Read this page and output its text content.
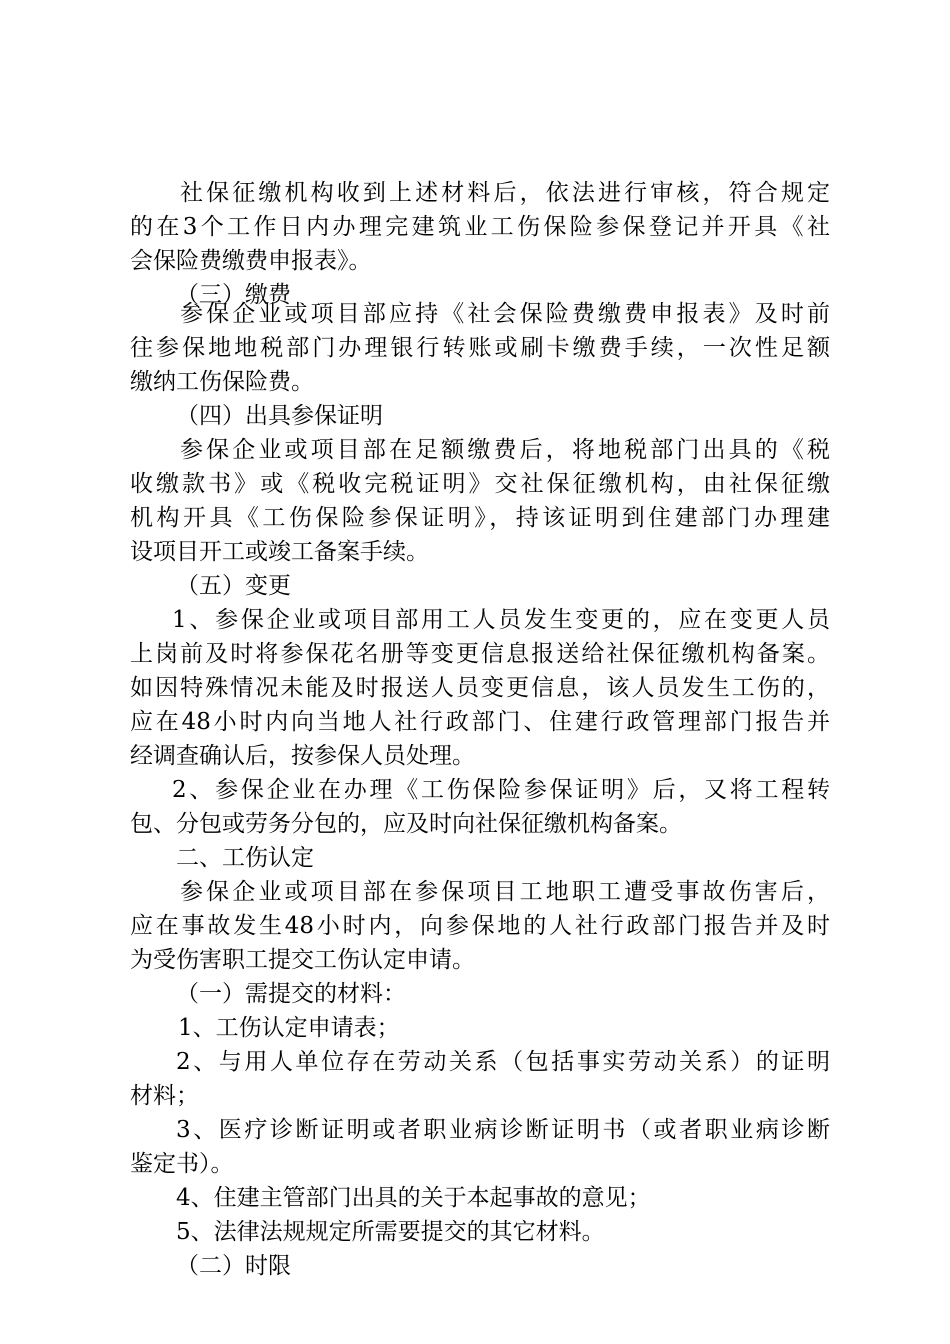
社保征缴机构收到上述材料后，依法进行审核，符合规定

的在3个工作日内办理完建筑业工伤保险参保登记并开具《社

会保险费缴费申报表》。

（三）缴费

参保企业或项目部应持《社会保险费缴费申报表》及时前

往参保地地税部门办理银行转账或刷卡缴费手续，一次性足额

缴纳工伤保险费。

（四）出具参保证明

参保企业或项目部在足额缴费后，将地税部门出具的《税

收缴款书》或《税收完税证明》交社保征缴机构，由社保征缴

机构开具《工伤保险参保证明》，持该证明到住建部门办理建

设项目开工或竣工备案手续。

（五）变更

1、参保企业或项目部用工人员发生变更的，应在变更人员

上岗前及时将参保花名册等变更信息报送给社保征缴机构备案。

如因特殊情况未能及时报送人员变更信息，该人员发生工伤的，

应在48小时内向当地人社行政部门、住建行政管理部门报告并

经调查确认后，按参保人员处理。

2、参保企业在办理《工伤保险参保证明》后，又将工程转

包、分包或劳务分包的，应及时向社保征缴机构备案。

二、工伤认定

参保企业或项目部在参保项目工地职工遭受事故伤害后，

应在事故发生48小时内，向参保地的人社行政部门报告并及时

为受伤害职工提交工伤认定申请。

（一）需提交的材料：

1、工伤认定申请表；

2、与用人单位存在劳动关系（包括事实劳动关系）的证明

材料；

3、医疗诊断证明或者职业病诊断证明书（或者职业病诊断

鉴定书）。

4、住建主管部门出具的关于本起事故的意见；

5、法律法规规定所需要提交的其它材料。

（二）时限
